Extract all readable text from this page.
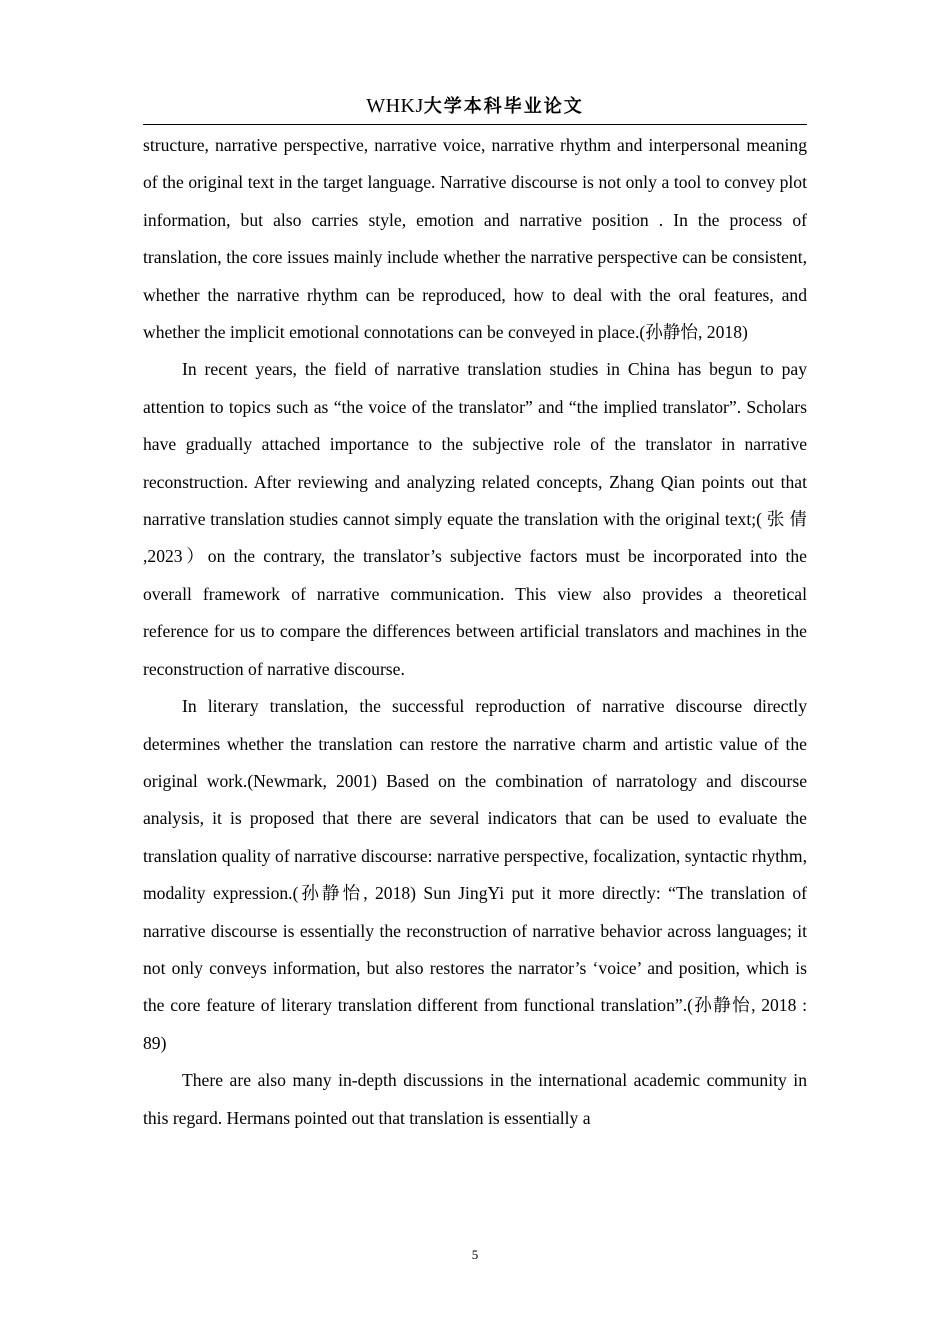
WHKJ大学本科毕业论文

structure, narrative perspective, narrative voice, narrative rhythm and interpersonal meaning of the original text in the target language. Narrative discourse is not only a tool to convey plot information, but also carries style, emotion and narrative position . In the process of translation, the core issues mainly include whether the narrative perspective can be consistent, whether the narrative rhythm can be reproduced, how to deal with the oral features, and whether the implicit emotional connotations can be conveyed in place.(孙静怡, 2018)

In recent years, the field of narrative translation studies in China has begun to pay attention to topics such as “the voice of the translator” and “the implied translator”. Scholars have gradually attached importance to the subjective role of the translator in narrative reconstruction. After reviewing and analyzing related concepts, Zhang Qian points out that narrative translation studies cannot simply equate the translation with the original text;( 张 倩 ,2023）on the contrary, the translator’s subjective factors must be incorporated into the overall framework of narrative communication. This view also provides a theoretical reference for us to compare the differences between artificial translators and machines in the reconstruction of narrative discourse.

In literary translation, the successful reproduction of narrative discourse directly determines whether the translation can restore the narrative charm and artistic value of the original work.(Newmark, 2001) Based on the combination of narratology and discourse analysis, it is proposed that there are several indicators that can be used to evaluate the translation quality of narrative discourse: narrative perspective, focalization, syntactic rhythm, modality expression.(孙静怡, 2018) Sun JingYi put it more directly: “The translation of narrative discourse is essentially the reconstruction of narrative behavior across languages; it not only conveys information, but also restores the narrator’s ‘voice’ and position, which is the core feature of literary translation different from functional translation”.(孙静怡, 2018 : 89)

There are also many in-depth discussions in the international academic community in this regard. Hermans pointed out that translation is essentially a

5
